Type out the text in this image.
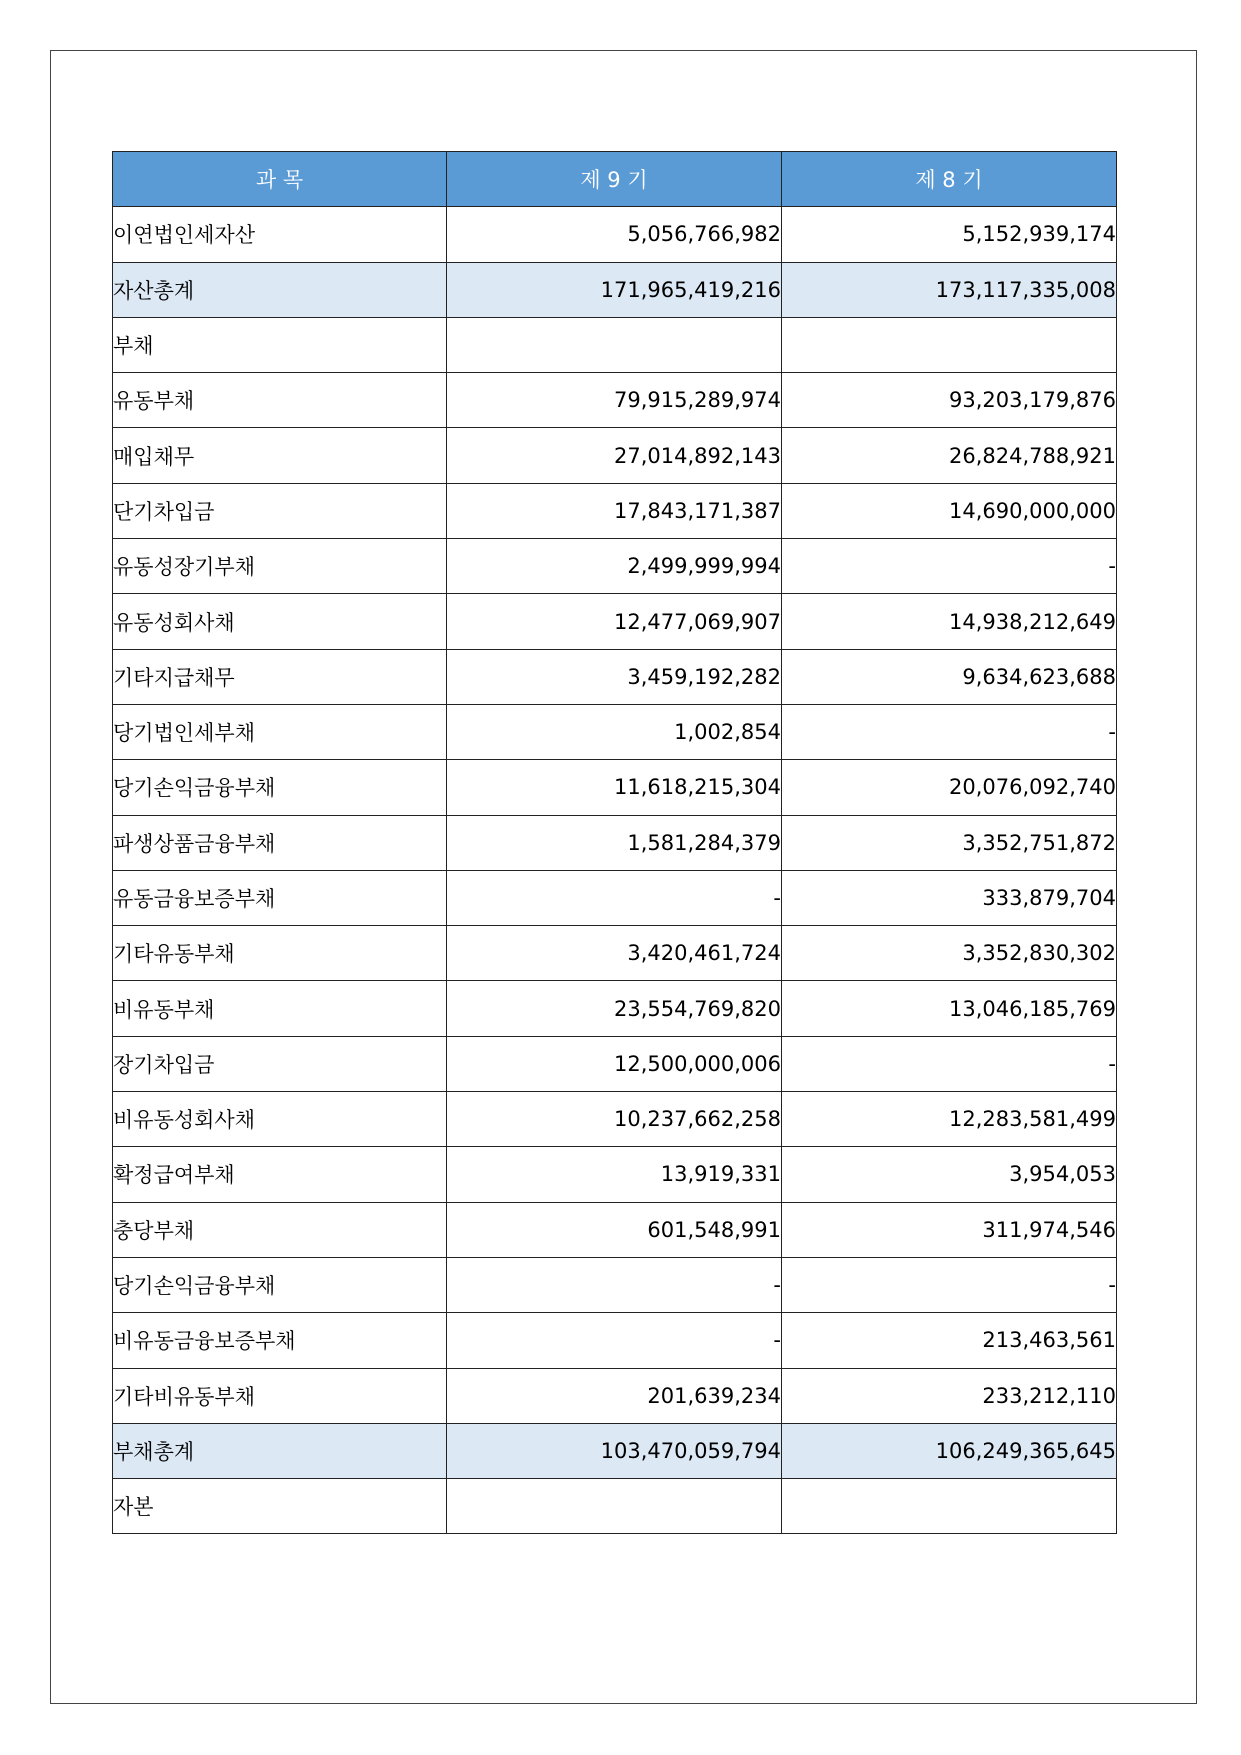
과 목	제 9 기	제 8 기
이연법인세자산	5,056,766,982	5,152,939,174
자산총계	171,965,419,216	173,117,335,008
부채		
유동부채	79,915,289,974	93,203,179,876
매입채무	27,014,892,143	26,824,788,921
단기차입금	17,843,171,387	14,690,000,000
유동성장기부채	2,499,999,994	-
유동성회사채	12,477,069,907	14,938,212,649
기타지급채무	3,459,192,282	9,634,623,688
당기법인세부채	1,002,854	-
당기손익금융부채	11,618,215,304	20,076,092,740
파생상품금융부채	1,581,284,379	3,352,751,872
유동금융보증부채	-	333,879,704
기타유동부채	3,420,461,724	3,352,830,302
비유동부채	23,554,769,820	13,046,185,769
장기차입금	12,500,000,006	-
비유동성회사채	10,237,662,258	12,283,581,499
확정급여부채	13,919,331	3,954,053
충당부채	601,548,991	311,974,546
당기손익금융부채	-	-
비유동금융보증부채	-	213,463,561
기타비유동부채	201,639,234	233,212,110
부채총계	103,470,059,794	106,249,365,645
자본		
